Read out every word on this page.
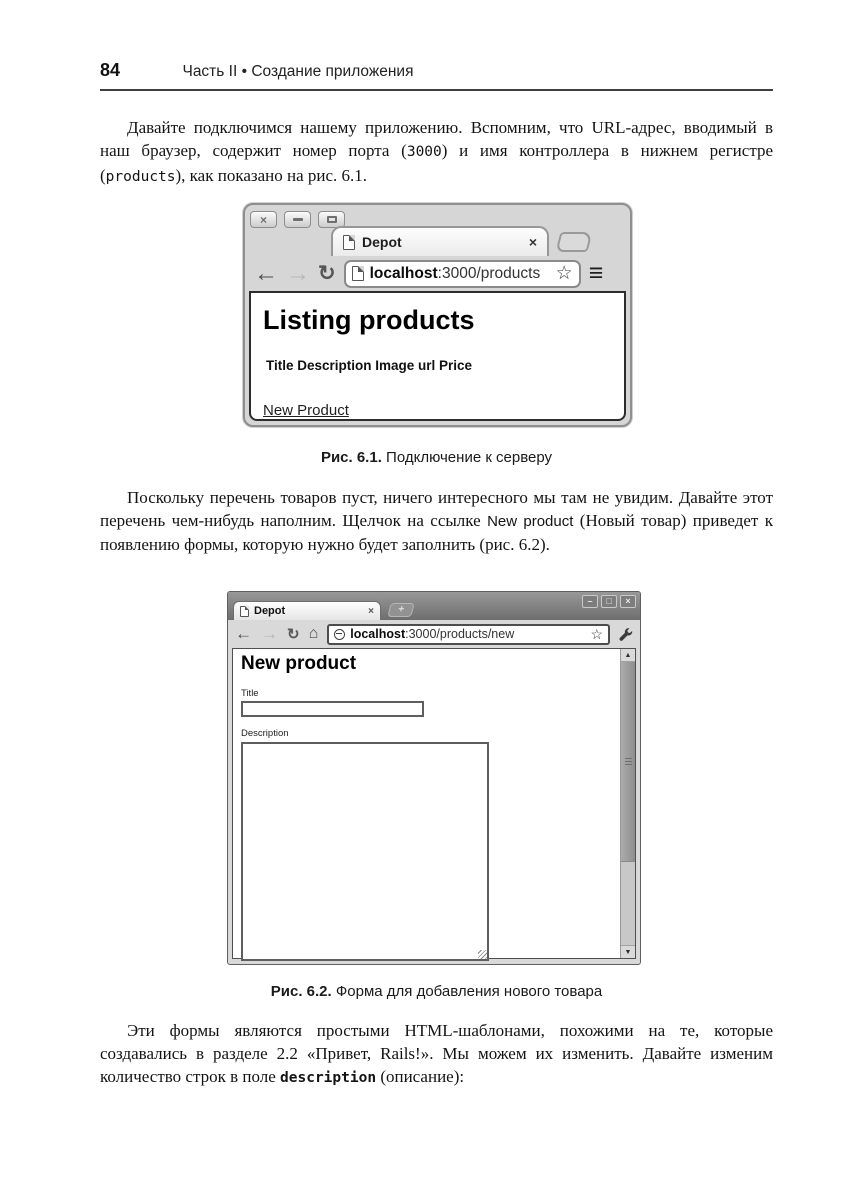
84	Часть II • Создание приложения

Давайте подключимся нашему приложению. Вспомним, что URL-адрес, вводимый в наш браузер, содержит номер порта (3000) и имя контроллера в нижнем регистре (products), как показано на рис. 6.1.

×
Depot	×
← → ↻ localhost:3000/products ☆ ≡
Listing products
Title Description Image url Price
New Product
Рис. 6.1. Подключение к серверу

Поскольку перечень товаров пуст, ничего интересного мы там не увидим. Давайте этот перечень чем-нибудь наполним. Щелчок на ссылке New product (Новый товар) приведет к появлению формы, которую нужно будет заполнить (рис. 6.2).

–	□	×
Depot	×	+
← → ↻ ⌂	localhost:3000/products/new	☆
New product
Title
Description
▲
▼
Рис. 6.2. Форма для добавления нового товара

Эти формы являются простыми HTML-шаблонами, похожими на те, которые создавались в разделе 2.2 «Привет, Rails!». Мы можем их изменить. Давайте изменим количество строк в поле description (описание):
